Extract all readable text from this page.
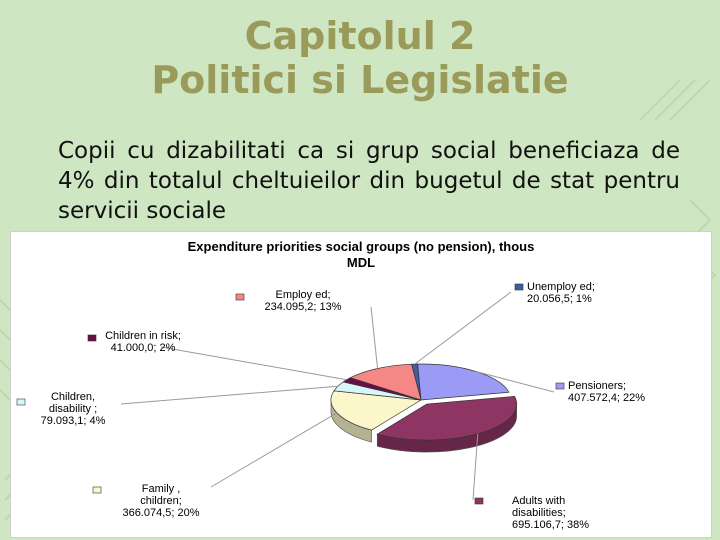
Capitolul 2
Politici si Legislatie
Copii cu dizabilitati ca si grup social beneficiaza de 4% din totalul cheltuieilor din bugetul de stat pentru servicii sociale
Expenditure priorities social groups (no pension), thous
MDL
Unemploy ed;
20.056,5; 1%
Pensioners;
407.572,4; 22%
Adults with
disabilities;
695.106,7; 38%
Family ,
children;
366.074,5; 20%
Children,
disability ;
79.093,1; 4%
Children in risk;
41.000,0; 2%
Employ ed;
234.095,2; 13%
